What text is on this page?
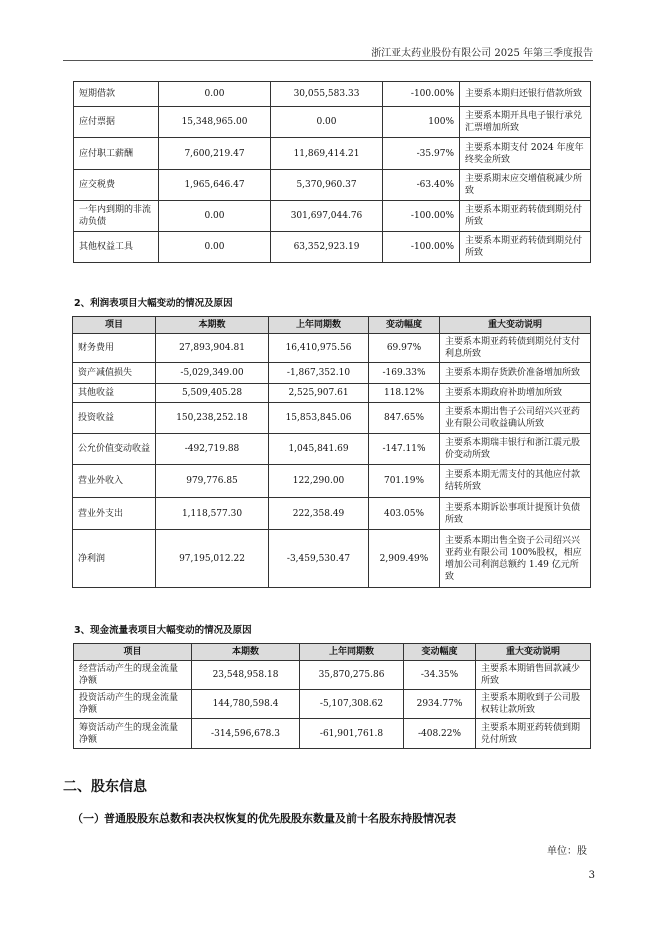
浙江亚太药业股份有限公司 2025 年第三季度报告
短期借款	0.00	30,055,583.33	-100.00%	主要系本期归还银行借款所致
应付票据	15,348,965.00	0.00	100%	主要系本期开具电子银行承兑汇票增加所致
应付职工薪酬	7,600,219.47	11,869,414.21	-35.97%	主要系本期支付 2024 年度年终奖金所致
应交税费	1,965,646.47	5,370,960.37	-63.40%	主要系期末应交增值税减少所致
一年内到期的非流动负债	0.00	301,697,044.76	-100.00%	主要系本期亚药转债到期兑付所致
其他权益工具	0.00	63,352,923.19	-100.00%	主要系本期亚药转债到期兑付所致
2、利润表项目大幅变动的情况及原因
项目	本期数	上年同期数	变动幅度	重大变动说明
财务费用	27,893,904.81	16,410,975.56	69.97%	主要系本期亚药转债到期兑付支付利息所致
资产减值损失	-5,029,349.00	-1,867,352.10	-169.33%	主要系本期存货跌价准备增加所致
其他收益	5,509,405.28	2,525,907.61	118.12%	主要系本期政府补助增加所致
投资收益	150,238,252.18	15,853,845.06	847.65%	主要系本期出售子公司绍兴兴亚药业有限公司收益确认所致
公允价值变动收益	-492,719.88	1,045,841.69	-147.11%	主要系本期瑞丰银行和浙江震元股价变动所致
营业外收入	979,776.85	122,290.00	701.19%	主要系本期无需支付的其他应付款结转所致
营业外支出	1,118,577.30	222,358.49	403.05%	主要系本期诉讼事项计提预计负债所致
净利润	97,195,012.22	-3,459,530.47	2,909.49%	主要系本期出售全资子公司绍兴兴亚药业有限公司 100%股权，相应增加公司利润总额约 1.49 亿元所致
3、现金流量表项目大幅变动的情况及原因
项目	本期数	上年同期数	变动幅度	重大变动说明
经营活动产生的现金流量净额	23,548,958.18	35,870,275.86	-34.35%	主要系本期销售回款减少所致
投资活动产生的现金流量净额	144,780,598.4	-5,107,308.62	2934.77%	主要系本期收到子公司股权转让款所致
筹资活动产生的现金流量净额	-314,596,678.3	-61,901,761.8	-408.22%	主要系本期亚药转债到期兑付所致
二、股东信息
（一）普通股股东总数和表决权恢复的优先股股东数量及前十名股东持股情况表
单位：股
3
